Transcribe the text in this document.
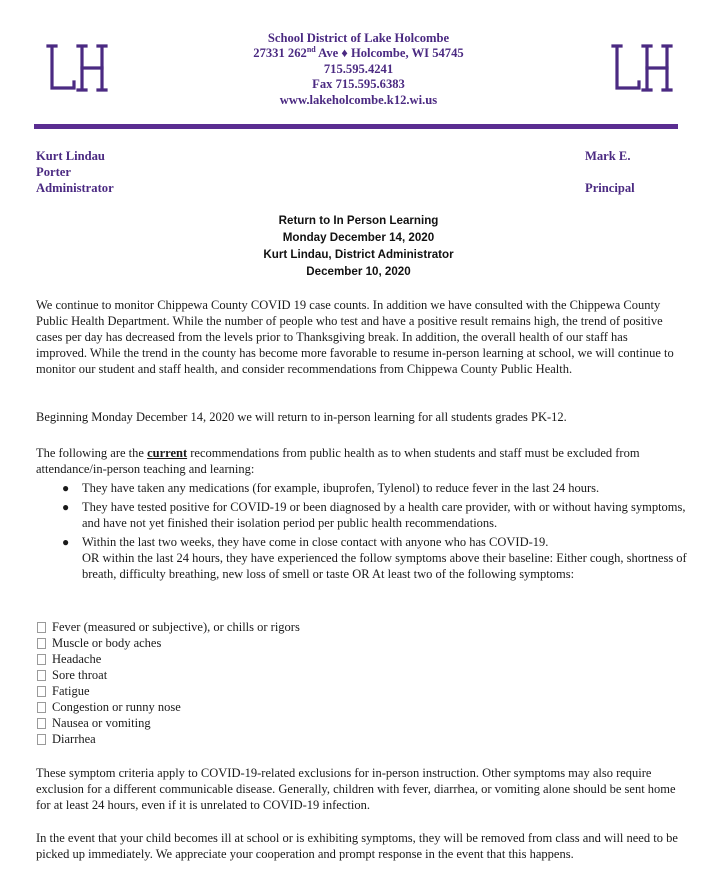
School District of Lake Holcombe
27331 262nd Ave ♦ Holcombe, WI 54745
715.595.4241
Fax 715.595.6383
www.lakeholcombe.k12.wi.us
Kurt Lindau
Porter
Administrator
Mark E.

Principal
Return to In Person Learning
Monday December 14, 2020
Kurt Lindau, District Administrator
December 10, 2020
We continue to monitor Chippewa County COVID 19 case counts. In addition we have consulted with the Chippewa County Public Health Department. While the number of people who test and have a positive result remains high, the trend of positive cases per day has decreased from the levels prior to Thanksgiving break. In addition, the overall health of our staff has improved. While the trend in the county has become more favorable to resume in-person learning at school, we will continue to monitor our student and staff health, and consider recommendations from Chippewa County Public Health.
Beginning Monday December 14, 2020 we will return to in-person learning for all students grades PK-12.
The following are the current recommendations from public health as to when students and staff must be excluded from attendance/in-person teaching and learning:
● They have taken any medications (for example, ibuprofen, Tylenol) to reduce fever in the last 24 hours.
● They have tested positive for COVID-19 or been diagnosed by a health care provider, with or without having symptoms, and have not yet finished their isolation period per public health recommendations.
● Within the last two weeks, they have come in close contact with anyone who has COVID-19.
OR within the last 24 hours, they have experienced the follow symptoms above their baseline: Either cough, shortness of breath, difficulty breathing, new loss of smell or taste OR At least two of the following symptoms:
Fever (measured or subjective), or chills or rigors
Muscle or body aches
Headache
Sore throat
Fatigue
Congestion or runny nose
Nausea or vomiting
Diarrhea
These symptom criteria apply to COVID-19-related exclusions for in-person instruction. Other symptoms may also require exclusion for a different communicable disease. Generally, children with fever, diarrhea, or vomiting alone should be sent home for at least 24 hours, even if it is unrelated to COVID-19 infection.
In the event that your child becomes ill at school or is exhibiting symptoms, they will be removed from class and will need to be picked up immediately. We appreciate your cooperation and prompt response in the event that this happens.
